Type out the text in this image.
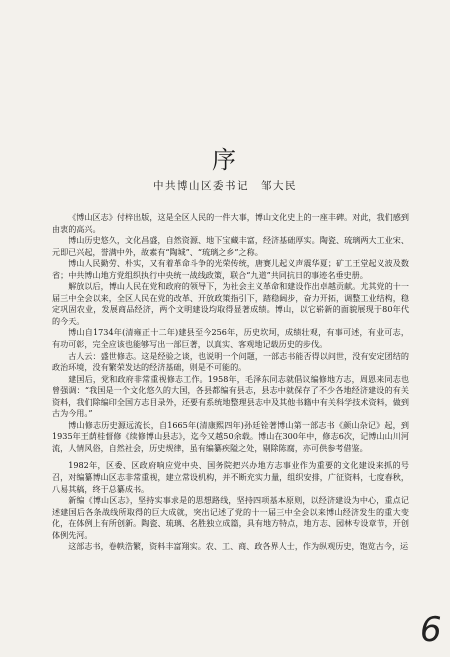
序
中共博山区委书记　邹大民

《博山区志》付梓出版，这是全区人民的一件大事，博山文化史上的一座丰碑。对此，我们感到由衷的高兴。

博山历史悠久，文化昌盛，自然资源、地下宝藏丰富，经济基础厚实。陶瓷、琉璃两大工业宋、元即已兴起，誉满中外，故素有“陶城”、“琉璃之乡”之称。

博山人民勤劳、朴实，又有着革命斗争的光荣传统，唐赛儿起义声震华夏；矿工王堂起义波及数省；中共博山地方党组织执行中央统一战线政策，联合“九道”共同抗日的事迹名垂史册。

解放以后，博山人民在党和政府的领导下，为社会主义革命和建设作出卓越贡献。尤其党的十一届三中全会以来，全区人民在党的改革、开放政策指引下，踏稳阔步，奋力开拓，调整工业结构，稳定巩固农业，发展商品经济，两个文明建设均取得显著成绩。博山，以它崭新的面貌展现于80年代的今天。

博山自1734年(清雍正十二年)建县至今256年，历史坎坷，成绩壮观，有事可述，有业可志，有功可彰，完全应该也能够写出一部巨著，以真实、客观地记载历史的步伐。

古人云：盛世修志。这是经验之谈，也说明一个问题，一部志书能否得以问世，没有安定团结的政治环境，没有繁荣发达的经济基础，则是不可能的。

建国后，党和政府非常重视修志工作。1958年，毛泽东同志就倡议编修地方志，周恩来同志也曾强调：“我国是一个文化悠久的大国，各县都编有县志，县志中就保存了不少各地经济建设的有关资料，我们除编印全国方志目录外，还要有系统地整理县志中及其他书籍中有关科学技术资料，做到古为今用。”

博山修志历史源远流长，自1665年(清康熙四年)孙廷铨著博山第一部志书《颜山杂记》起，到1935年王荫桂督修《续修博山县志》，迄今又越50余载。博山在300年中，修志6次，记博山山川河流，人情风俗，自然社会，历史规律，虽有编纂疾隘之处，剔除陈腐，亦可供参考借鉴。

1982年，区委、区政府响应党中央、国务院把兴办地方志事业作为重要的文化建设来抓的号召，对编纂博山区志非常重视，建立常设机构，并不断充实力量，组织安排，广征资料，七度春秋，八易其稿，终于总纂成书。

新编《博山区志》，坚持实事求是的思想路线，坚持四项基本原则，以经济建设为中心，重点记述建国后各条战线所取得的巨大成就，突出记述了党的十一届三中全会以来博山经济发生的重大变化，在体例上有所创新。陶瓷、琉璃、名胜独立成篇，具有地方特点，地方志、园林专设章节，开创体例先河。

这部志书，卷帙浩繁，资料丰富翔实。农、工、商、政各界人士，作为纵观历史，饱览古今，运

6
